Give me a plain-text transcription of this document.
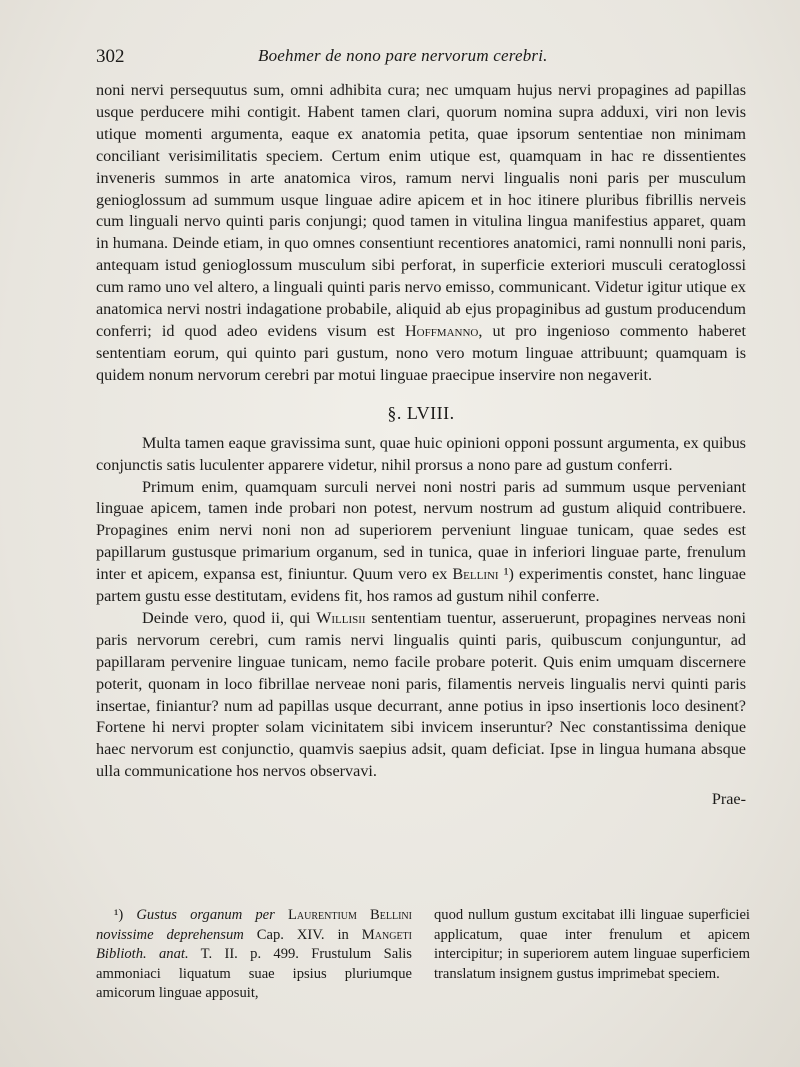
302	Boehmer de nono pare nervorum cerebri.

noni nervi persequutus sum, omni adhibita cura; nec umquam hujus nervi propagines ad papillas usque perducere mihi contigit. Habent tamen clari, quorum nomina supra adduxi, viri non levis utique momenti argumenta, eaque ex anatomia petita, quae ipsorum sententiae non minimam conciliant verisimilitatis speciem. Certum enim utique est, quamquam in hac re dissentientes inveneris summos in arte anatomica viros, ramum nervi lingualis noni paris per musculum genioglossum ad summum usque linguae adire apicem et in hoc itinere pluribus fibrillis nerveis cum linguali nervo quinti paris conjungi; quod tamen in vitulina lingua manifestius apparet, quam in humana. Deinde etiam, in quo omnes consentiunt recentiores anatomici, rami nonnulli noni paris, antequam istud genioglossum musculum sibi perforat, in superficie exteriori musculi ceratoglossi cum ramo uno vel altero, a linguali quinti paris nervo emisso, communicant. Videtur igitur utique ex anatomica nervi nostri indagatione probabile, aliquid ab ejus propaginibus ad gustum producendum conferri; id quod adeo evidens visum est Hoffmanno, ut pro ingenioso commento haberet sententiam eorum, qui quinto pari gustum, nono vero motum linguae attribuunt; quamquam is quidem nonum nervorum cerebri par motui linguae praecipue inservire non negaverit.

§. LVIII.

Multa tamen eaque gravissima sunt, quae huic opinioni opponi possunt argumenta, ex quibus conjunctis satis luculenter apparere videtur, nihil prorsus a nono pare ad gustum conferri.

Primum enim, quamquam surculi nervei noni nostri paris ad summum usque perveniant linguae apicem, tamen inde probari non potest, nervum nostrum ad gustum aliquid contribuere. Propagines enim nervi noni non ad superiorem perveniunt linguae tunicam, quae sedes est papillarum gustusque primarium organum, sed in tunica, quae in inferiori linguae parte, frenulum inter et apicem, expansa est, finiuntur. Quum vero ex Bellini ¹) experimentis constet, hanc linguae partem gustu esse destitutam, evidens fit, hos ramos ad gustum nihil conferre.

Deinde vero, quod ii, qui Willisii sententiam tuentur, asseruerunt, propagines nerveas noni paris nervorum cerebri, cum ramis nervi lingualis quinti paris, quibuscum conjunguntur, ad papillaram pervenire linguae tunicam, nemo facile probare poterit. Quis enim umquam discernere poterit, quonam in loco fibrillae nerveae noni paris, filamentis nerveis lingualis nervi quinti paris insertae, finiantur? num ad papillas usque decurrant, anne potius in ipso insertionis loco desinent? Fortene hi nervi propter solam vicinitatem sibi invicem inseruntur? Nec constantissima denique haec nervorum est conjunctio, quamvis saepius adsit, quam deficiat. Ipse in lingua humana absque ulla communicatione hos nervos observavi.

Prae-

¹) Gustus organum per Laurentium Bellini novissime deprehensum Cap. XIV. in Mangeti Biblioth. anat. T. II. p. 499. Frustulum Salis ammoniaci liquatum suae ipsius pluriumque amicorum linguae apposuit,

quod nullum gustum excitabat illi linguae superficiei applicatum, quae inter frenulum et apicem intercipitur; in superiorem autem linguae superficiem translatum insignem gustus imprimebat speciem.
